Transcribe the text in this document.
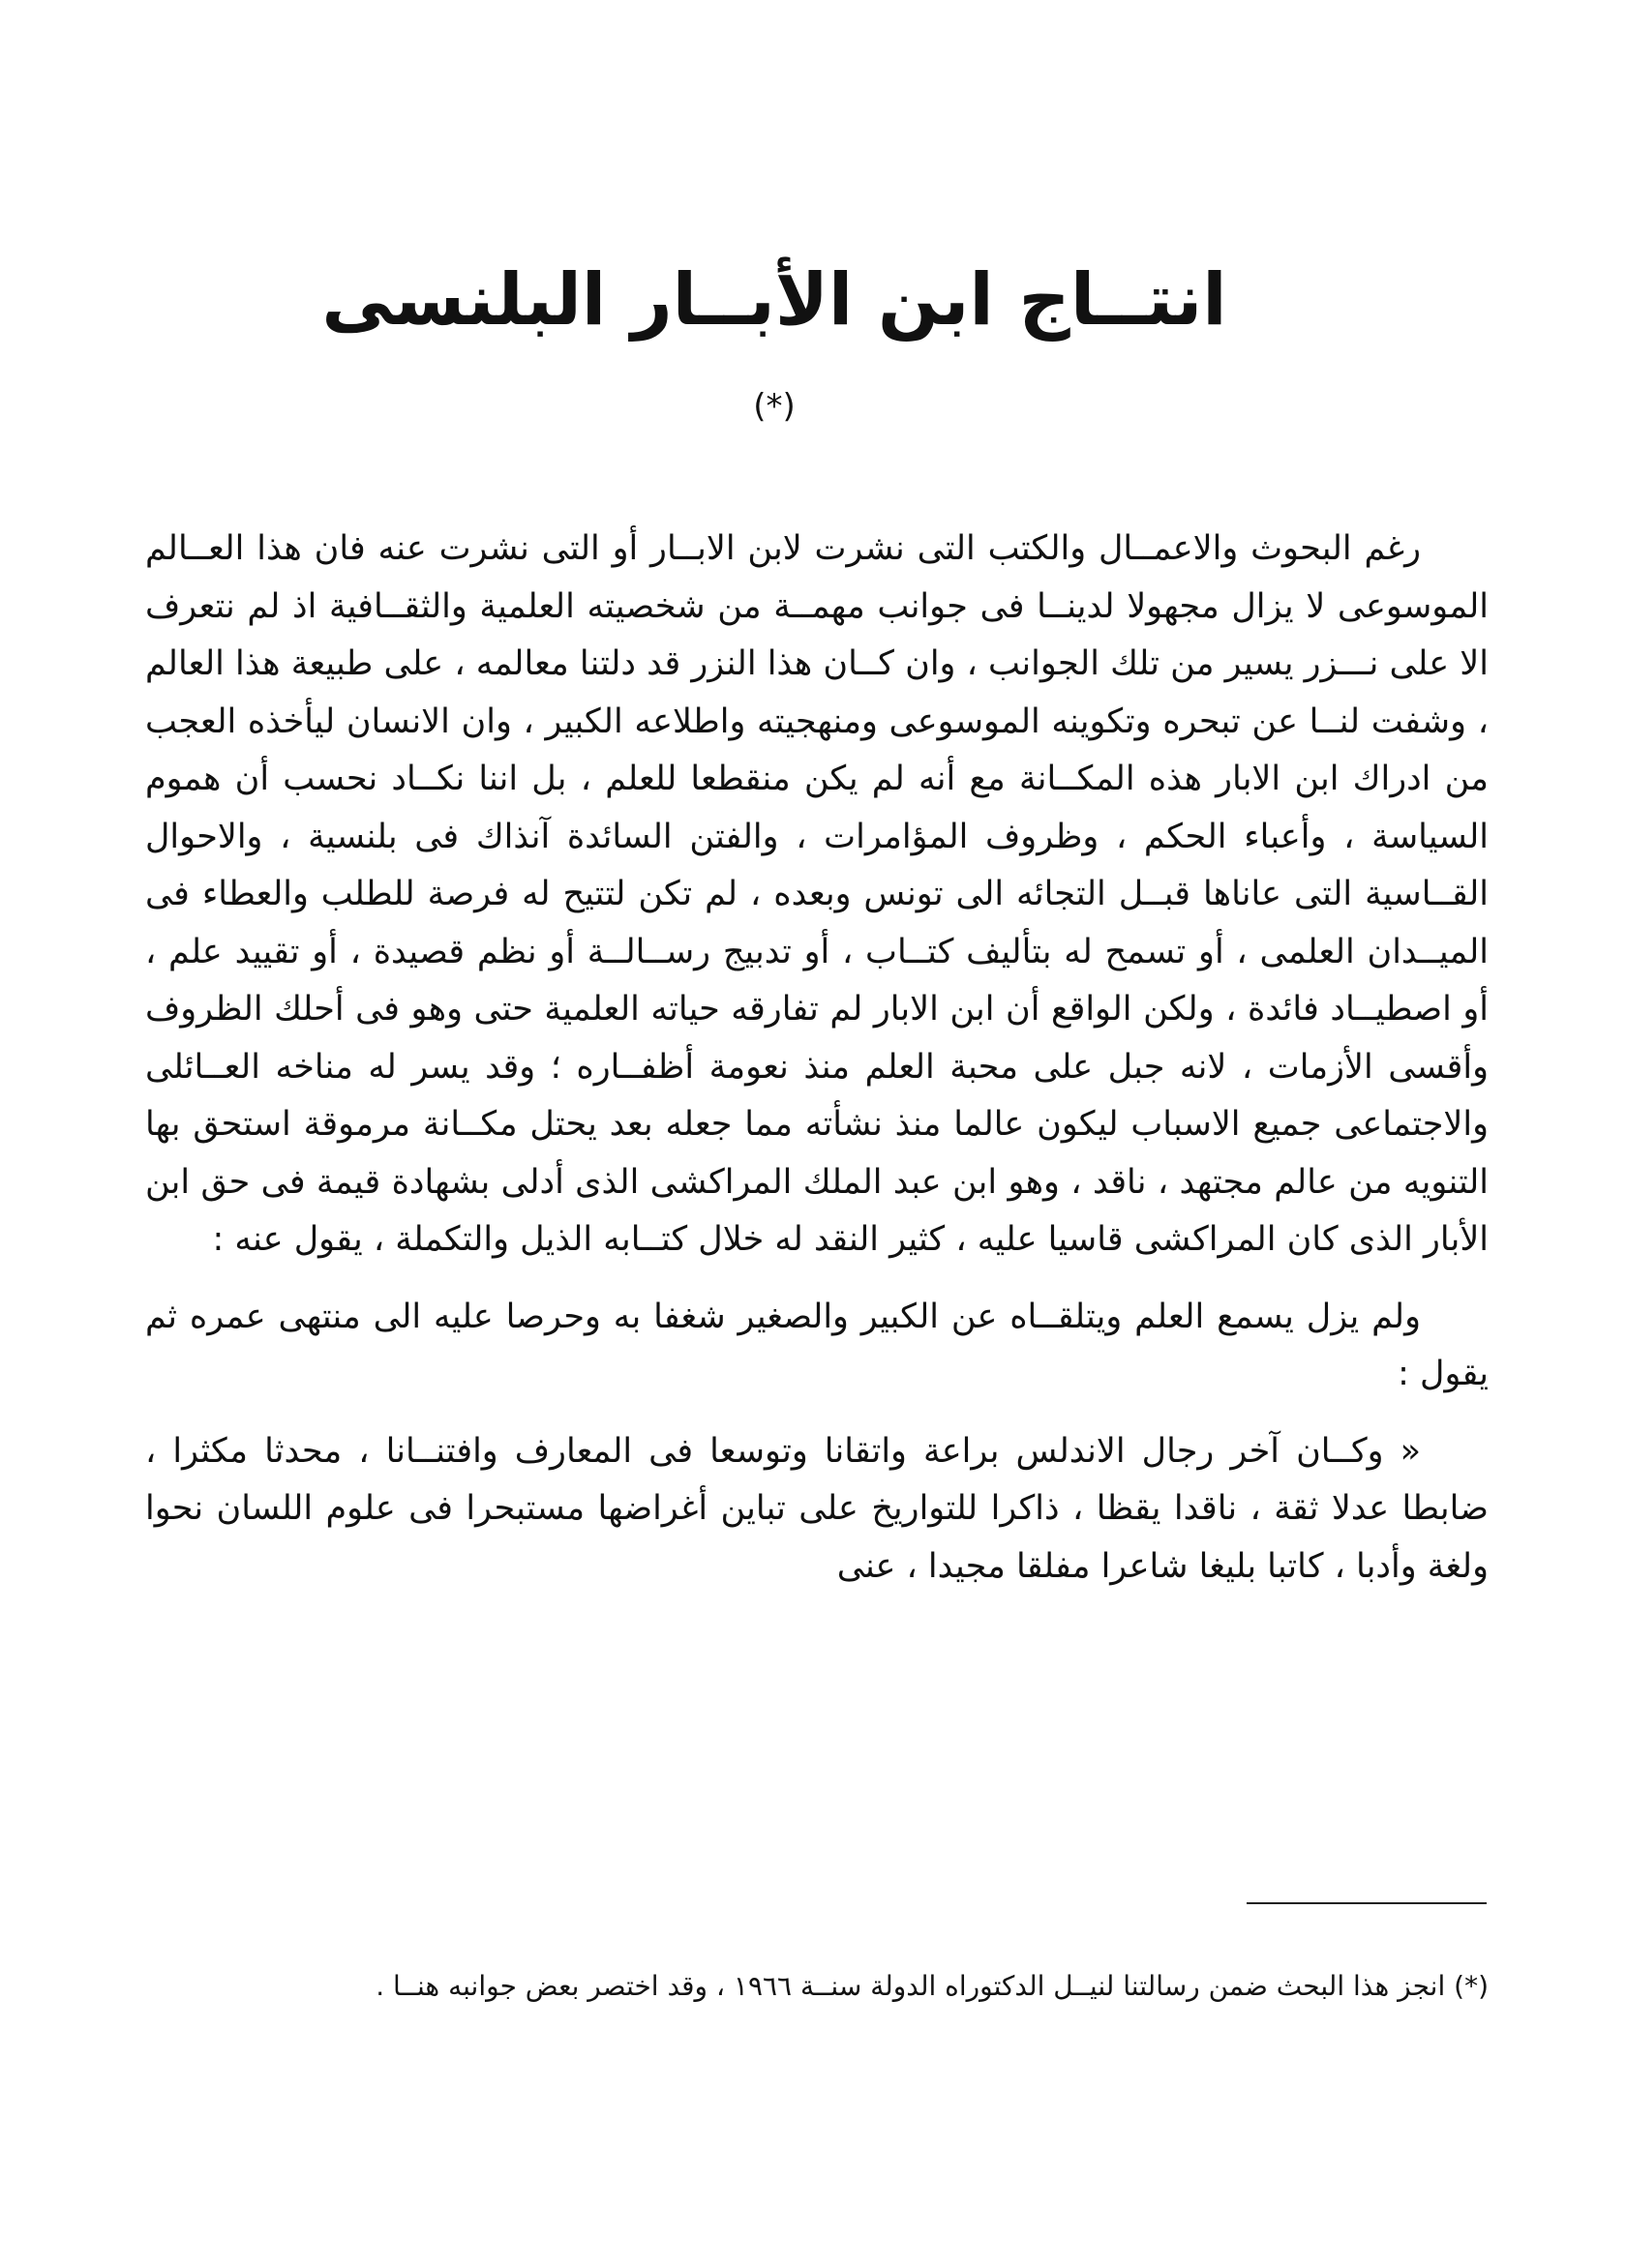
انتــاج ابن الأبــار البلنسى (*)

رغم البحوث والاعمــال والكتب التى نشرت لابن الابــار أو التى نشرت عنه فان هذا العــالم الموسوعى لا يزال مجهولا لدينــا فى جوانب مهمــة من شخصيته العلمية والثقــافية اذ لم نتعرف الا على نـــزر يسير من تلك الجوانب ، وان كــان هذا النزر قد دلتنا معالمه ، على طبيعة هذا العالم ، وشفت لنــا عن تبحره وتكوينه الموسوعى ومنهجيته واطلاعه الكبير ، وان الانسان ليأخذه العجب من ادراك ابن الابار هذه المكــانة مع أنه لم يكن منقطعا للعلم ، بل اننا نكــاد نحسب أن هموم السياسة ، وأعباء الحكم ، وظروف المؤامرات ، والفتن السائدة آنذاك فى بلنسية ، والاحوال القــاسية التى عاناها قبــل التجائه الى تونس وبعده ، لم تكن لتتيح له فرصة للطلب والعطاء فى الميــدان العلمى ، أو تسمح له بتأليف كتــاب ، أو تدبيج رســالــة أو نظم قصيدة ، أو تقييد علم ، أو اصطيــاد فائدة ، ولكن الواقع أن ابن الابار لم تفارقه حياته العلمية حتى وهو فى أحلك الظروف وأقسى الأزمات ، لانه جبل على محبة العلم منذ نعومة أظفــاره ؛ وقد يسر له مناخه العــائلى والاجتماعى جميع الاسباب ليكون عالما منذ نشأته مما جعله بعد يحتل مكــانة مرموقة استحق بها التنويه من عالم مجتهد ، ناقد ، وهو ابن عبد الملك المراكشى الذى أدلى بشهادة قيمة فى حق ابن الأبار الذى كان المراكشى قاسيا عليه ، كثير النقد له خلال كتــابه الذيل والتكملة ، يقول عنه :

ولم يزل يسمع العلم ويتلقــاه عن الكبير والصغير شغفا به وحرصا عليه الى منتهى عمره ثم يقول :

« وكــان آخر رجال الاندلس براعة واتقانا وتوسعا فى المعارف وافتنــانا ، محدثا مكثرا ، ضابطا عدلا ثقة ، ناقدا يقظا ، ذاكرا للتواريخ على تباين أغراضها مستبحرا فى علوم اللسان نحوا ولغة وأدبا ، كاتبا بليغا شاعرا مفلقا مجيدا ، عنى

(*) انجز هذا البحث ضمن رسالتنا لنيــل الدكتوراه الدولة سنــة ١٩٦٦ ، وقد اختصر بعض جوانبه هنــا .
